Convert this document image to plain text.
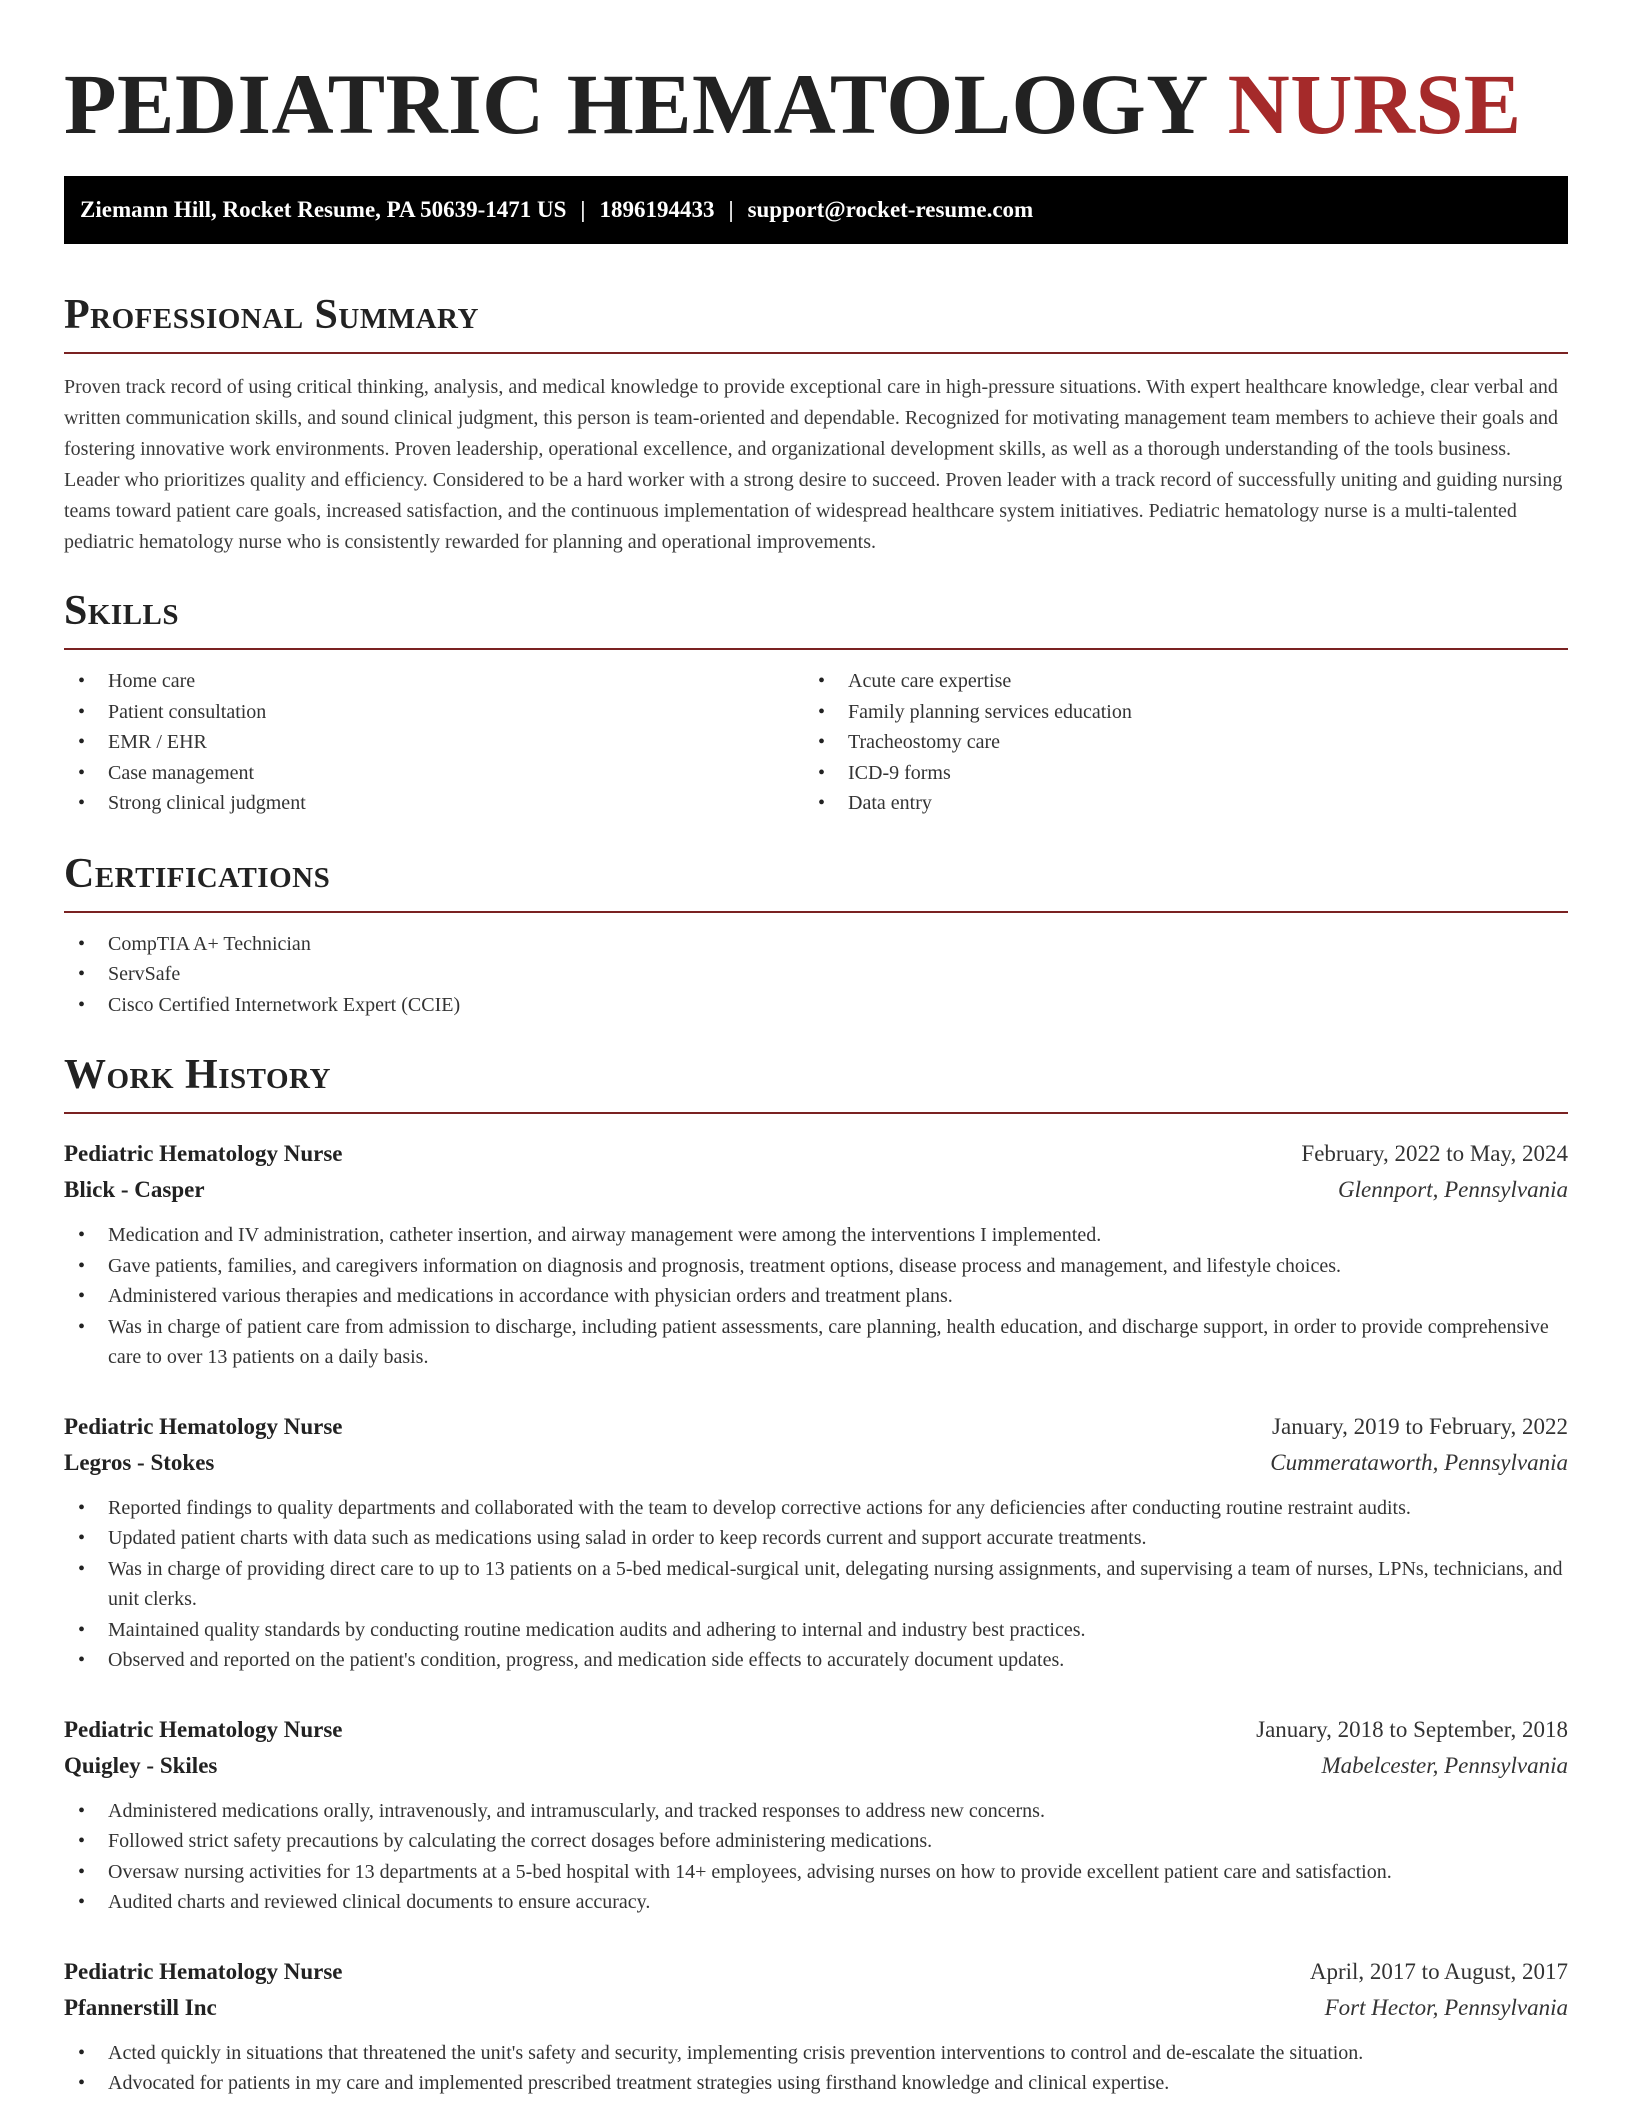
PEDIATRIC HEMATOLOGY NURSE
Ziemann Hill, Rocket Resume, PA 50639-1471 US | 1896194433 | support@rocket-resume.com
Professional Summary

Proven track record of using critical thinking, analysis, and medical knowledge to provide exceptional care in high-pressure situations. With expert healthcare knowledge, clear verbal and written communication skills, and sound clinical judgment, this person is team-oriented and dependable. Recognized for motivating management team members to achieve their goals and fostering innovative work environments. Proven leadership, operational excellence, and organizational development skills, as well as a thorough understanding of the tools business. Leader who prioritizes quality and efficiency. Considered to be a hard worker with a strong desire to succeed. Proven leader with a track record of successfully uniting and guiding nursing teams toward patient care goals, increased satisfaction, and the continuous implementation of widespread healthcare system initiatives. Pediatric hematology nurse is a multi-talented pediatric hematology nurse who is consistently rewarded for planning and operational improvements.

Skills
• Home care
• Patient consultation
• EMR / EHR
• Case management
• Strong clinical judgment
• Acute care expertise
• Family planning services education
• Tracheostomy care
• ICD-9 forms
• Data entry
Certifications
• CompTIA A+ Technician
• ServSafe
• Cisco Certified Internetwork Expert (CCIE)
Work History
Pediatric Hematology Nurse	February, 2022 to May, 2024
Blick - Casper	Glennport, Pennsylvania
• Medication and IV administration, catheter insertion, and airway management were among the interventions I implemented.
• Gave patients, families, and caregivers information on diagnosis and prognosis, treatment options, disease process and management, and lifestyle choices.
• Administered various therapies and medications in accordance with physician orders and treatment plans.
• Was in charge of patient care from admission to discharge, including patient assessments, care planning, health education, and discharge support, in order to provide comprehensive care to over 13 patients on a daily basis.
Pediatric Hematology Nurse	January, 2019 to February, 2022
Legros - Stokes	Cummerataworth, Pennsylvania
• Reported findings to quality departments and collaborated with the team to develop corrective actions for any deficiencies after conducting routine restraint audits.
• Updated patient charts with data such as medications using salad in order to keep records current and support accurate treatments.
• Was in charge of providing direct care to up to 13 patients on a 5-bed medical-surgical unit, delegating nursing assignments, and supervising a team of nurses, LPNs, technicians, and unit clerks.
• Maintained quality standards by conducting routine medication audits and adhering to internal and industry best practices.
• Observed and reported on the patient's condition, progress, and medication side effects to accurately document updates.
Pediatric Hematology Nurse	January, 2018 to September, 2018
Quigley - Skiles	Mabelcester, Pennsylvania
• Administered medications orally, intravenously, and intramuscularly, and tracked responses to address new concerns.
• Followed strict safety precautions by calculating the correct dosages before administering medications.
• Oversaw nursing activities for 13 departments at a 5-bed hospital with 14+ employees, advising nurses on how to provide excellent patient care and satisfaction.
• Audited charts and reviewed clinical documents to ensure accuracy.
Pediatric Hematology Nurse	April, 2017 to August, 2017
Pfannerstill Inc	Fort Hector, Pennsylvania
• Acted quickly in situations that threatened the unit's safety and security, implementing crisis prevention interventions to control and de-escalate the situation.
• Advocated for patients in my care and implemented prescribed treatment strategies using firsthand knowledge and clinical expertise.
